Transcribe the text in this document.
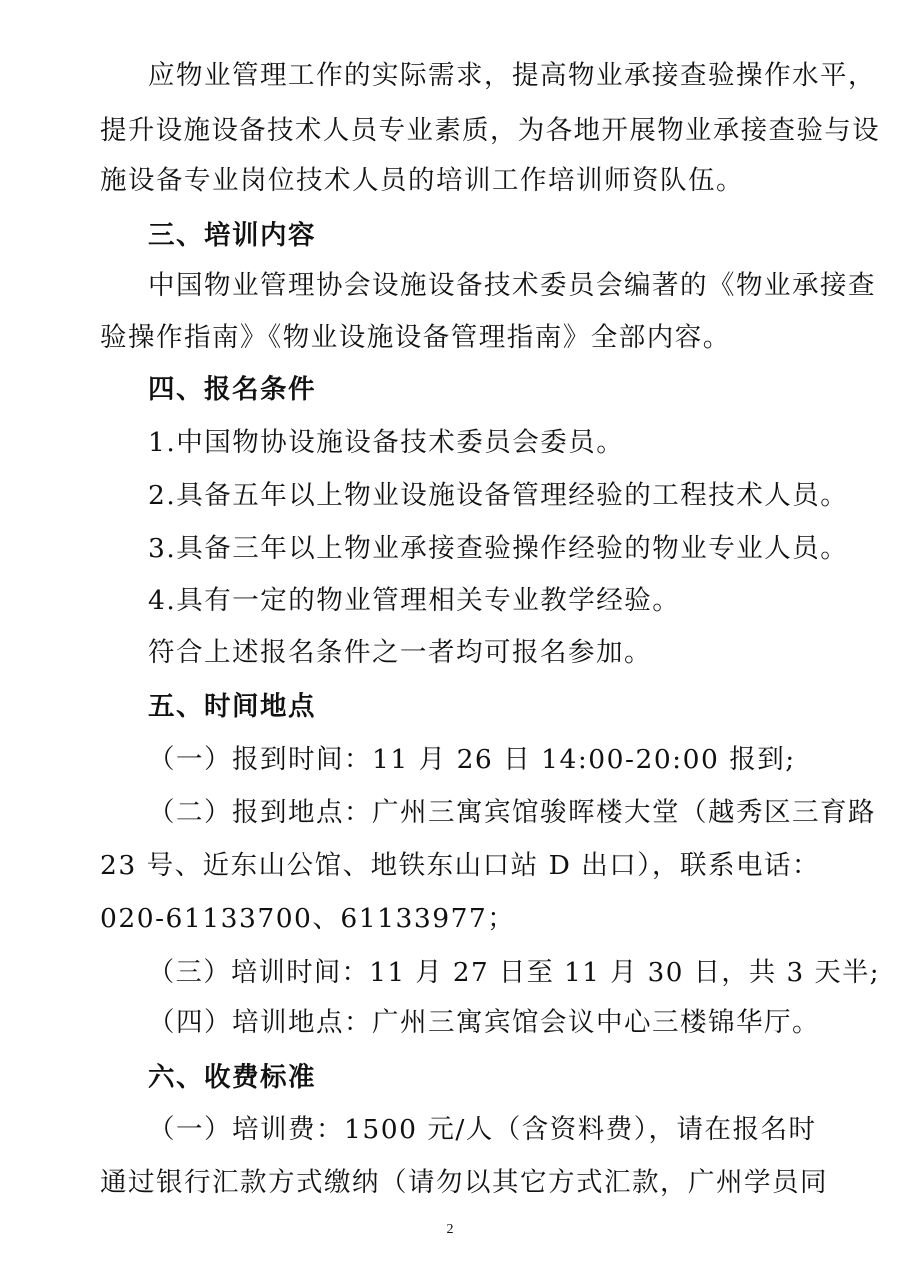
应物业管理工作的实际需求，提高物业承接查验操作水平，
提升设施设备技术人员专业素质，为各地开展物业承接查验与设
施设备专业岗位技术人员的培训工作培训师资队伍。
三、培训内容
中国物业管理协会设施设备技术委员会编著的《物业承接查
验操作指南》《物业设施设备管理指南》全部内容。
四、报名条件
1.中国物协设施设备技术委员会委员。
2.具备五年以上物业设施设备管理经验的工程技术人员。
3.具备三年以上物业承接查验操作经验的物业专业人员。
4.具有一定的物业管理相关专业教学经验。
符合上述报名条件之一者均可报名参加。
五、时间地点
（一）报到时间：11 月 26 日 14:00-20:00 报到;
（二）报到地点：广州三寓宾馆骏晖楼大堂（越秀区三育路
23 号、近东山公馆、地铁东山口站 D 出口），联系电话：
020-61133700、61133977；
（三）培训时间：11 月 27 日至 11 月 30 日，共 3 天半;
（四）培训地点：广州三寓宾馆会议中心三楼锦华厅。
六、收费标准
（一）培训费：1500 元/人（含资料费），请在报名时
通过银行汇款方式缴纳（请勿以其它方式汇款，广州学员同
2
